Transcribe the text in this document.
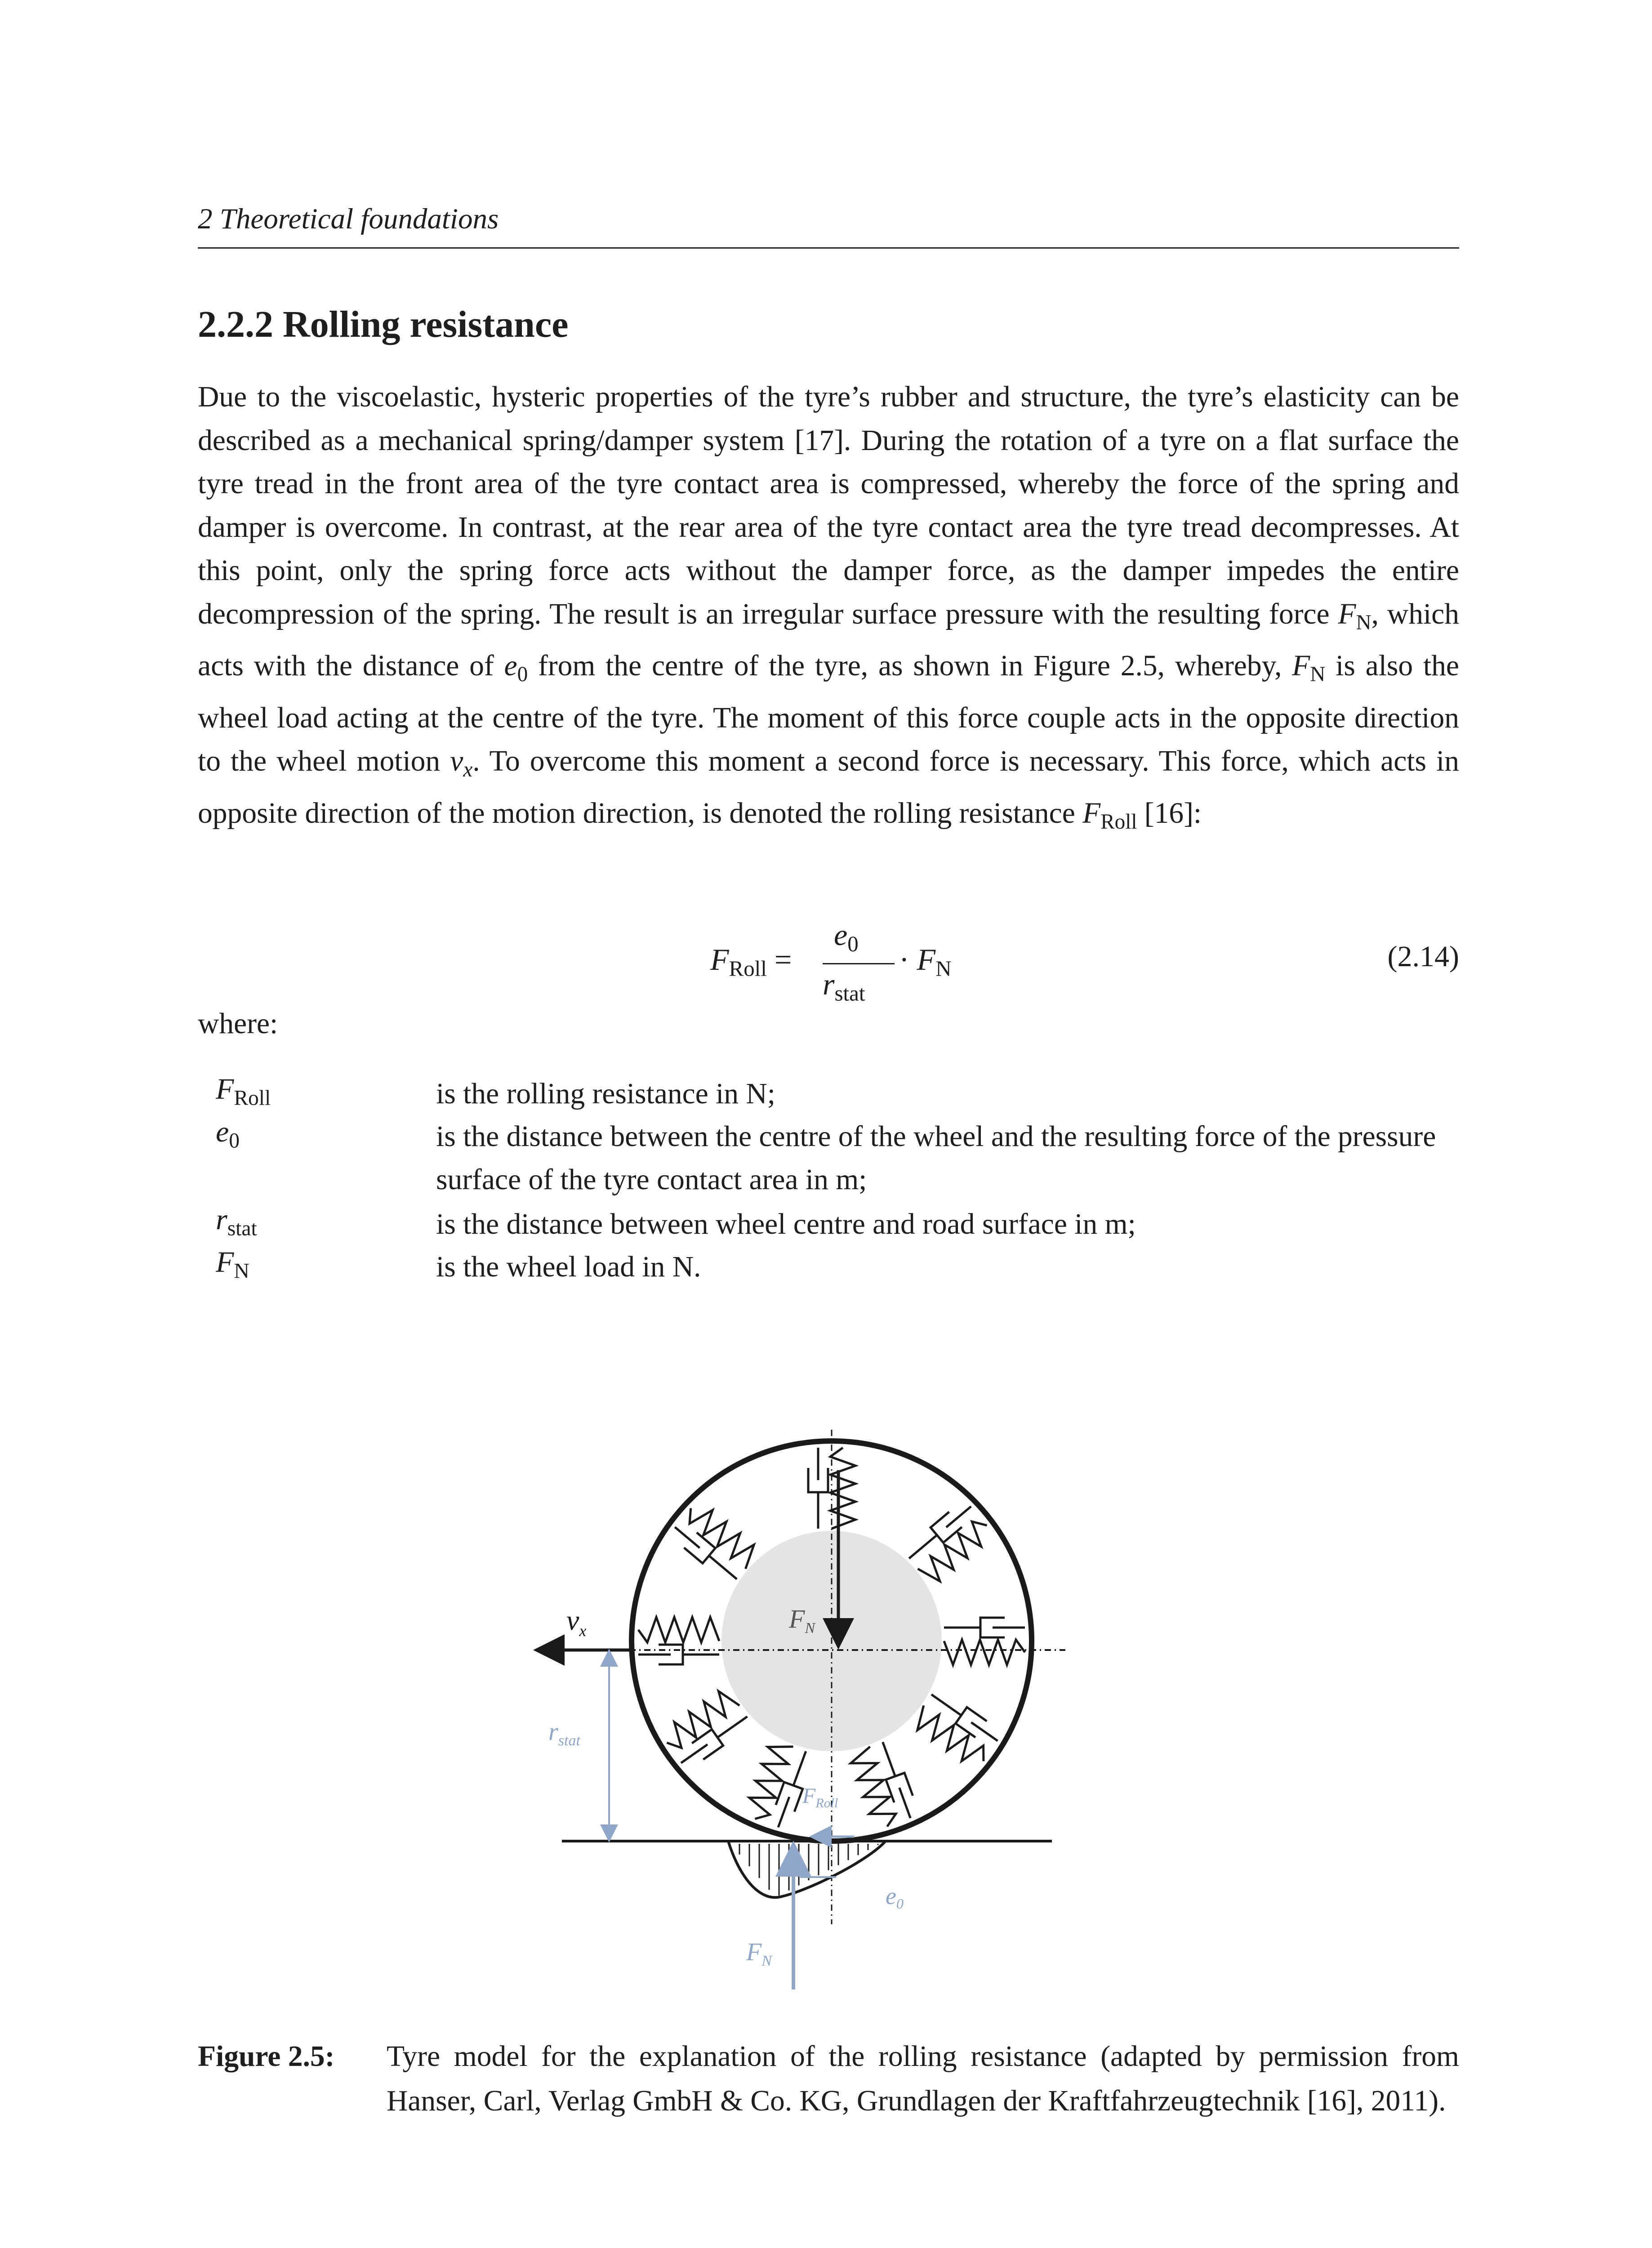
2 Theoretical foundations
2.2.2 Rolling resistance
Due to the viscoelastic, hysteric properties of the tyre’s rubber and structure, the tyre’s elasticity can be described as a mechanical spring/damper system [17]. During the rotation of a tyre on a flat surface the tyre tread in the front area of the tyre contact area is compressed, whereby the force of the spring and damper is overcome. In contrast, at the rear area of the tyre contact area the tyre tread decompresses. At this point, only the spring force acts without the damper force, as the damper impedes the entire decompression of the spring. The result is an irregular surface pressure with the resulting force $F_N$, which acts with the distance of $e_0$ from the centre of the tyre, as shown in Figure 2.5, whereby, $F_N$ is also the wheel load acting at the centre of the tyre. The moment of this force couple acts in the opposite direction to the wheel motion $v_x$. To overcome this moment a second force is necessary. This force, which acts in opposite direction of the motion direction, is denoted the rolling resistance $F_{Roll}$ [16]:
$F_{Roll}$ =
$e_0$
$r_{stat}$
· $F_N$	(2.14)
where:
$F_{Roll}$	is the rolling resistance in N;
$e_0$	is the distance between the centre of the wheel and the resulting force of the pressure surface of the tyre contact area in m;
$r_{stat}$	is the distance between wheel centre and road surface in m;
$F_N$	is the wheel load in N.
$v_x$	$F_N$
$r_{stat}$
$F_{Roll}$
e0
$F_N$
Figure 2.5: Tyre model for the explanation of the rolling resistance (adapted by permission from Hanser, Carl, Verlag GmbH & Co. KG, Grundlagen der Kraftfahrzeugtechnik [16], 2011).
